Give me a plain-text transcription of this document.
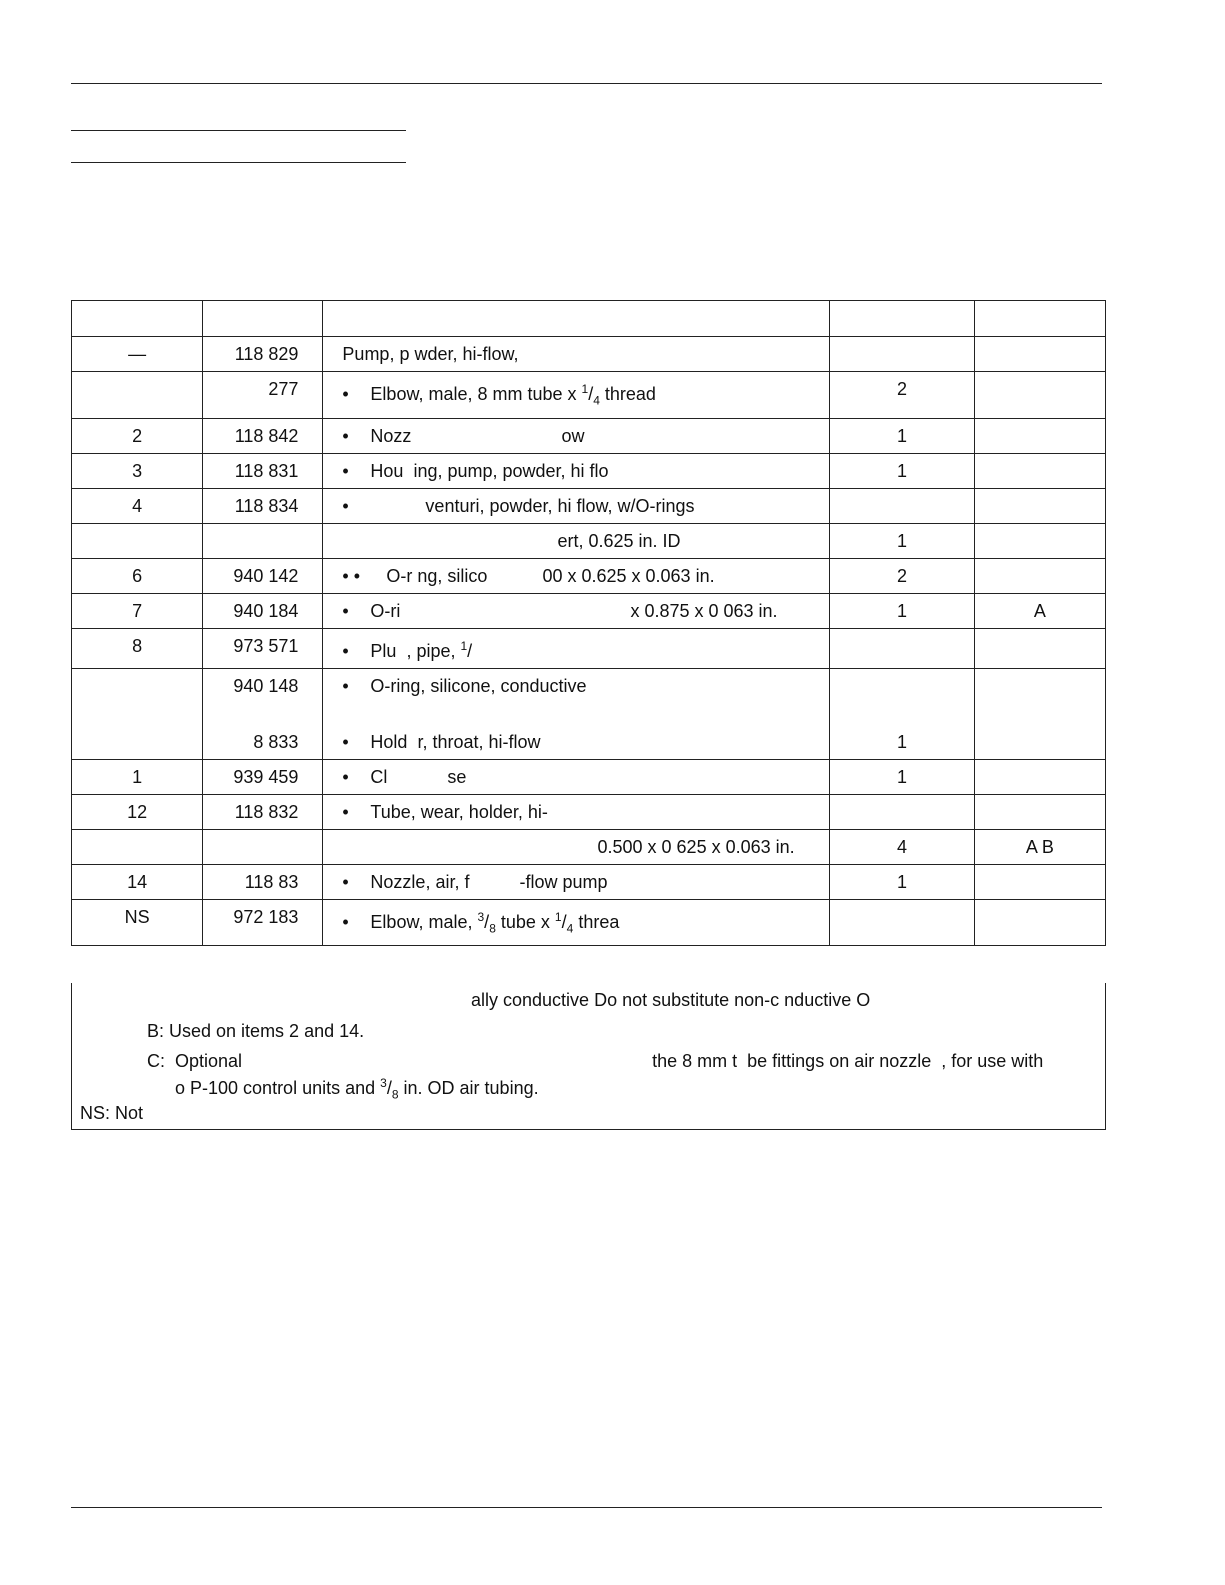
—	118 829	Pump, p wder, hi-flow,		
	277	• Elbow, male, 8 mm tube x $^1/_4$ thread	2	
2	118 842	• Nozz                              ow	1	
3	118 831	• Hou  ing, pump, powder, hi flo	1	
4	118 834	•           venturi, powder, hi flow, w/O-rings		

		ert, 0.625 in. ID	1	
6	940 142	• • O-r ng, silico           00 x 0.625 x 0.063 in.	2	
7	940 184	• O-ri                                              x 0.875 x 0 063 in.	1	A
8	973 571	• Plu  , pipe, $^1$/		

	940 148	• O-ring, silicone, conductive		

	8 833	• Hold  r, throat, hi-flow	1	
1	939 459	• Cl            se	1	
12	118 832	• Tube, wear, holder, hi-		

		0.500 x 0 625 x 0.063 in.	4	A B
14	118 83	• Nozzle, air, f          -flow pump	1	
NS	972 183	• Elbow, male, $^3/_8$ tube x $^1/_4$ threa		

ally conductive Do not substitute non-c nductive O
B: Used on items 2 and 14.
C:  Optional                                                                                  the 8 mm t  be fittings on air nozzle  , for use with
o P-100 control units and $^3/_8$ in. OD air tubing.
NS: Not
